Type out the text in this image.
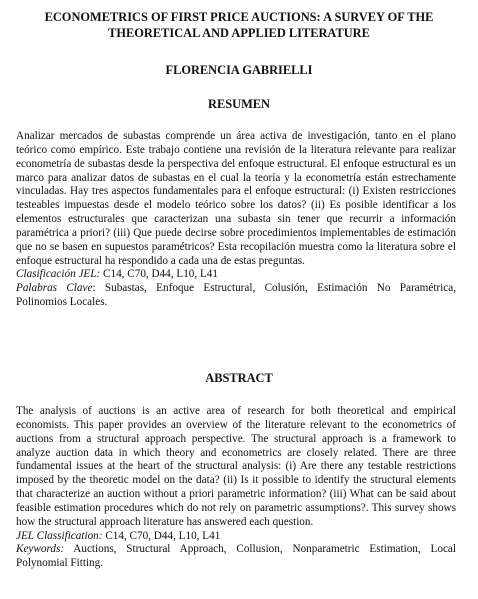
ECONOMETRICS OF FIRST PRICE AUCTIONS: A SURVEY OF THE THEORETICAL AND APPLIED LITERATURE
FLORENCIA GABRIELLI
RESUMEN

Analizar mercados de subastas comprende un área activa de investigación, tanto en el plano teórico como empírico. Este trabajo contiene una revisión de la literatura relevante para realizar econometría de subastas desde la perspectiva del enfoque estructural. El enfoque estructural es un marco para analizar datos de subastas en el cual la teoría y la econometría están estrechamente vinculadas. Hay tres aspectos fundamentales para el enfoque estructural: (i) Existen restricciones testeables impuestas desde el modelo teórico sobre los datos? (ii) Es posible identificar a los elementos estructurales que caracterizan una subasta sin tener que recurrir a información paramétrica a priori? (iii) Que puede decirse sobre procedimientos implementables de estimación que no se basen en supuestos paramétricos? Esta recopilación muestra como la literatura sobre el enfoque estructural ha respondido a cada una de estas preguntas.

Clasificación JEL: C14, C70, D44, L10, L41

Palabras Clave: Subastas, Enfoque Estructural, Colusión, Estimación No Paramétrica, Polinomios Locales.

ABSTRACT

The analysis of auctions is an active area of research for both theoretical and empirical economists. This paper provides an overview of the literature relevant to the econometrics of auctions from a structural approach perspective. The structural approach is a framework to analyze auction data in which theory and econometrics are closely related. There are three fundamental issues at the heart of the structural analysis: (i) Are there any testable restrictions imposed by the theoretic model on the data? (ii) Is it possible to identify the structural elements that characterize an auction without a priori parametric information? (iii) What can be said about feasible estimation procedures which do not rely on parametric assumptions?. This survey shows how the structural approach literature has answered each question.

JEL Classification: C14, C70, D44, L10, L41

Keywords: Auctions, Structural Approach, Collusion, Nonparametric Estimation, Local Polynomial Fitting.
